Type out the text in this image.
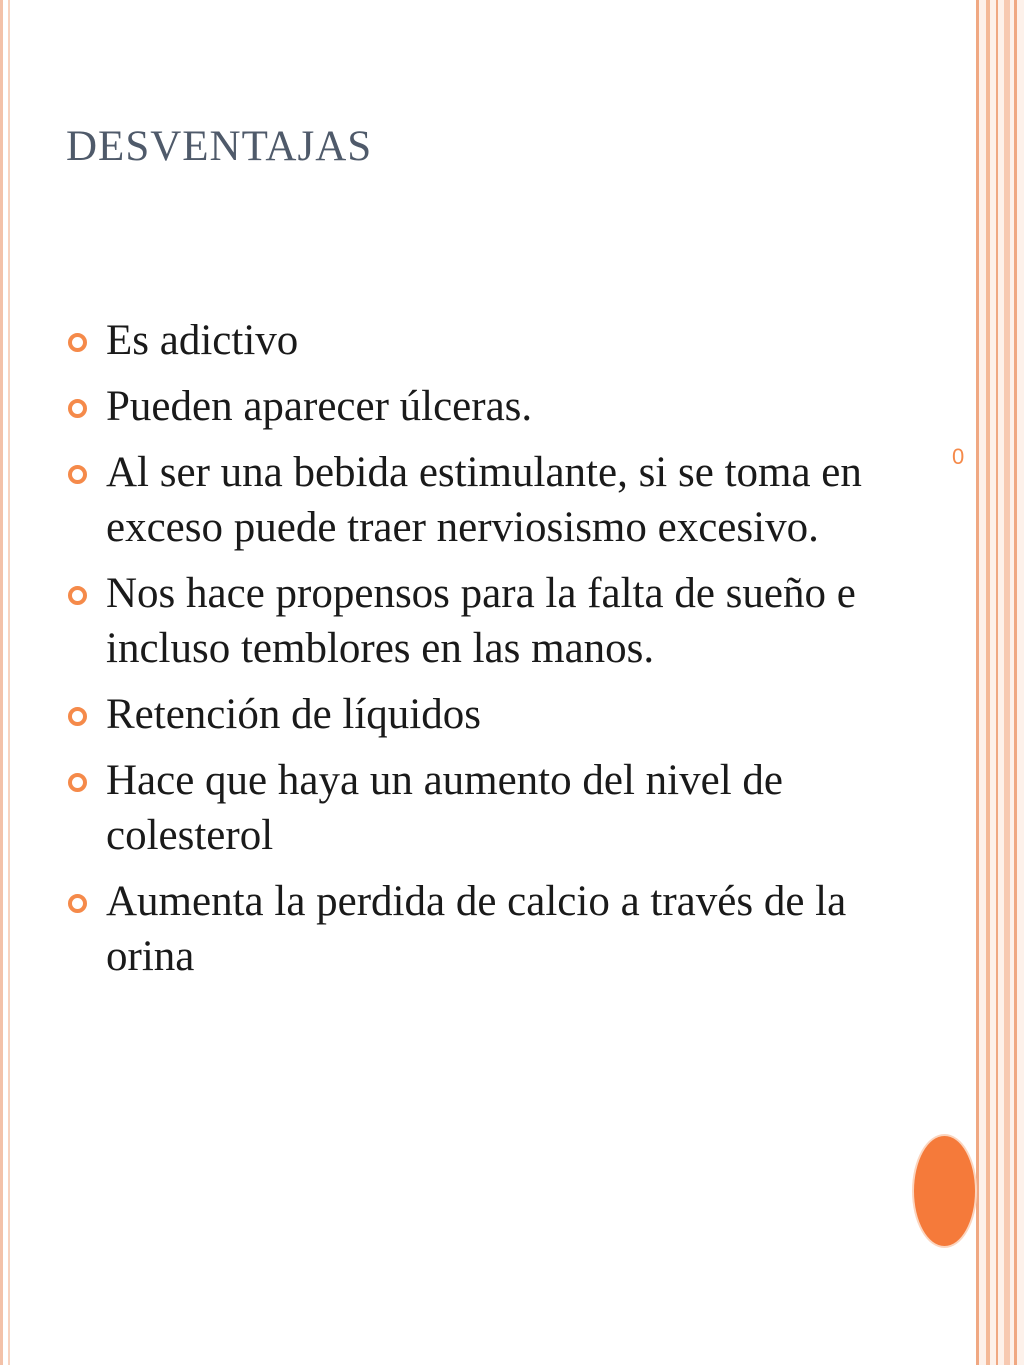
DESVENTAJAS
Es adictivo
Pueden aparecer úlceras.
Al ser una bebida estimulante, si se toma en exceso puede traer nerviosismo excesivo.
Nos hace propensos para la falta de sueño e incluso temblores en las manos.
Retención de líquidos
Hace que haya un aumento del nivel de colesterol
Aumenta la perdida de calcio a través de la orina
0
